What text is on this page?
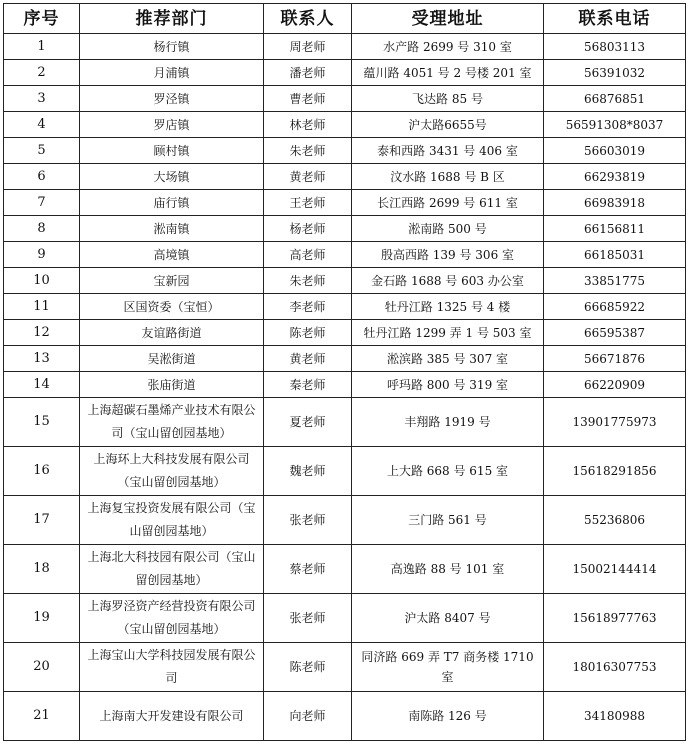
序号	推荐部门	联系人	受理地址	联系电话
1	杨行镇	周老师	水产路 2699 号 310 室	56803113
2	月浦镇	潘老师	蕴川路 4051 号 2 号楼 201 室	56391032
3	罗泾镇	曹老师	飞达路 85 号	66876851
4	罗店镇	林老师	沪太路6655号	56591308*8037
5	顾村镇	朱老师	泰和西路 3431 号 406 室	56603019
6	大场镇	黄老师	汶水路 1688 号 B 区	66293819
7	庙行镇	王老师	长江西路 2699 号 611 室	66983918
8	淞南镇	杨老师	淞南路 500 号	66156811
9	高境镇	高老师	殷高西路 139 号 306 室	66185031
10	宝新园	朱老师	金石路 1688 号 603 办公室	33851775
11	区国资委（宝恒）	李老师	牡丹江路 1325 号 4 楼	66685922
12	友谊路街道	陈老师	牡丹江路 1299 弄 1 号 503 室	66595387
13	吴淞街道	黄老师	淞滨路 385 号 307 室	56671876
14	张庙街道	秦老师	呼玛路 800 号 319 室	66220909
15	上海超碳石墨烯产业技术有限公司（宝山留创园基地）	夏老师	丰翔路 1919 号	13901775973
16	上海环上大科技发展有限公司（宝山留创园基地）	魏老师	上大路 668 号 615 室	15618291856
17	上海复宝投资发展有限公司（宝山留创园基地）	张老师	三门路 561 号	55236806
18	上海北大科技园有限公司（宝山留创园基地）	蔡老师	高逸路 88 号 101 室	15002144414
19	上海罗泾资产经营投资有限公司（宝山留创园基地）	张老师	沪太路 8407 号	15618977763
20	上海宝山大学科技园发展有限公司	陈老师	同济路 669 弄 T7 商务楼 1710 室	18016307753
21	上海南大开发建设有限公司	向老师	南陈路 126 号	34180988
